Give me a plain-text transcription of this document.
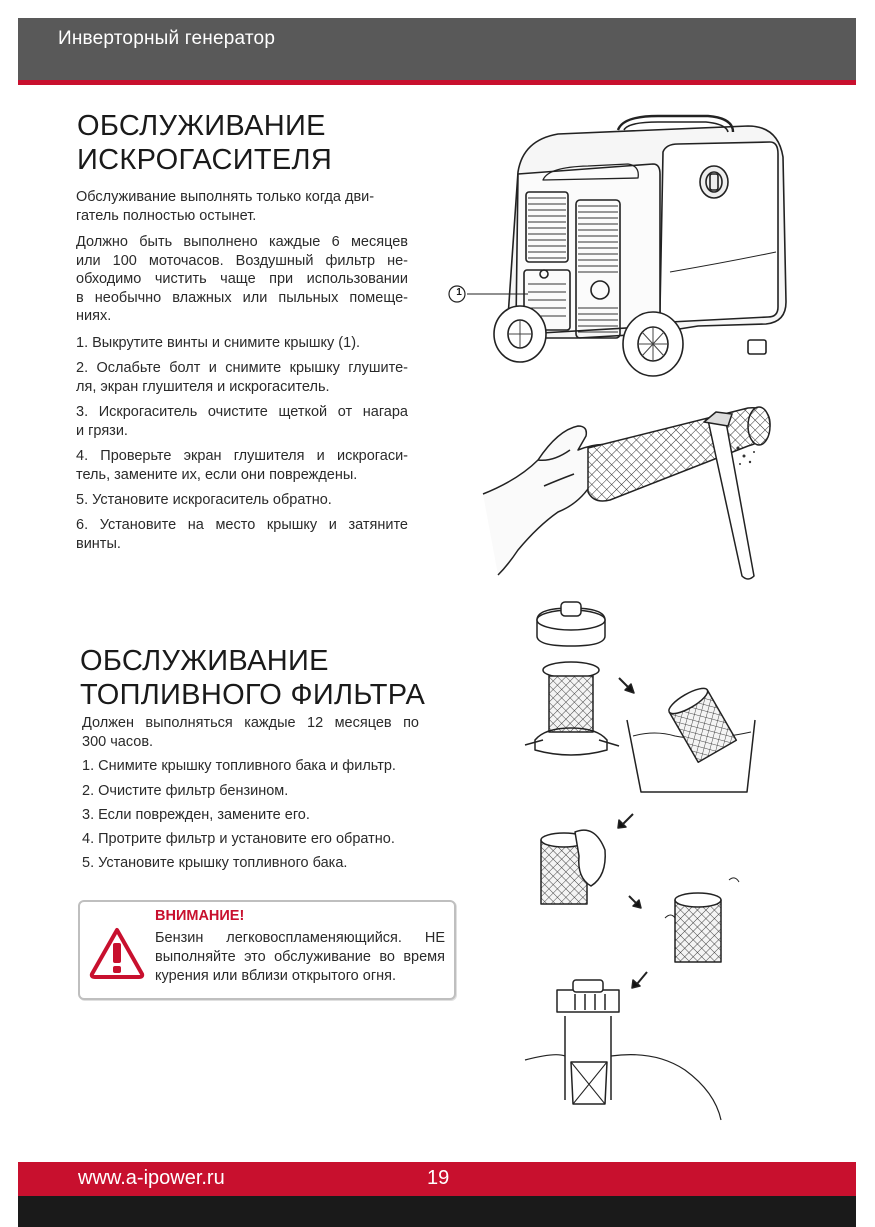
Инверторный генератор
ОБСЛУЖИВАНИЕ
ИСКРОГАСИТЕЛЯ
Обслуживание выполнять только когда дви-
гатель полностью остынет.
Должно быть выполнено каждые 6 месяцев
или 100 моточасов. Воздушный фильтр не-
обходимо чистить чаще при использовании
в необычно влажных или пыльных помеще-
ниях.
1. Выкрутите винты и снимите крышку (1).
2. Ослабьте болт и снимите крышку глушите-
ля, экран глушителя и искрогаситель.
3. Искрогаситель очистите щеткой от нагара
и грязи.
4. Проверьте экран глушителя и искрогаси-
тель, замените их, если они повреждены.
5. Установите искрогаситель обратно.
6. Установите на место крышку и затяните
винты.
1
ОБСЛУЖИВАНИЕ
ТОПЛИВНОГО ФИЛЬТРА
Должен выполняться каждые 12 месяцев по
300 часов.
1. Снимите крышку топливного бака и фильтр.
2. Очистите фильтр бензином.
3. Если поврежден, замените его.
4. Протрите фильтр и установите его обратно.
5. Установите крышку топливного бака.
ВНИМАНИЕ!
Бензин легковоспламеняющийся. НЕ
выполняйте это обслуживание во время
курения или вблизи открытого огня.
www.a-ipower.ru	19
